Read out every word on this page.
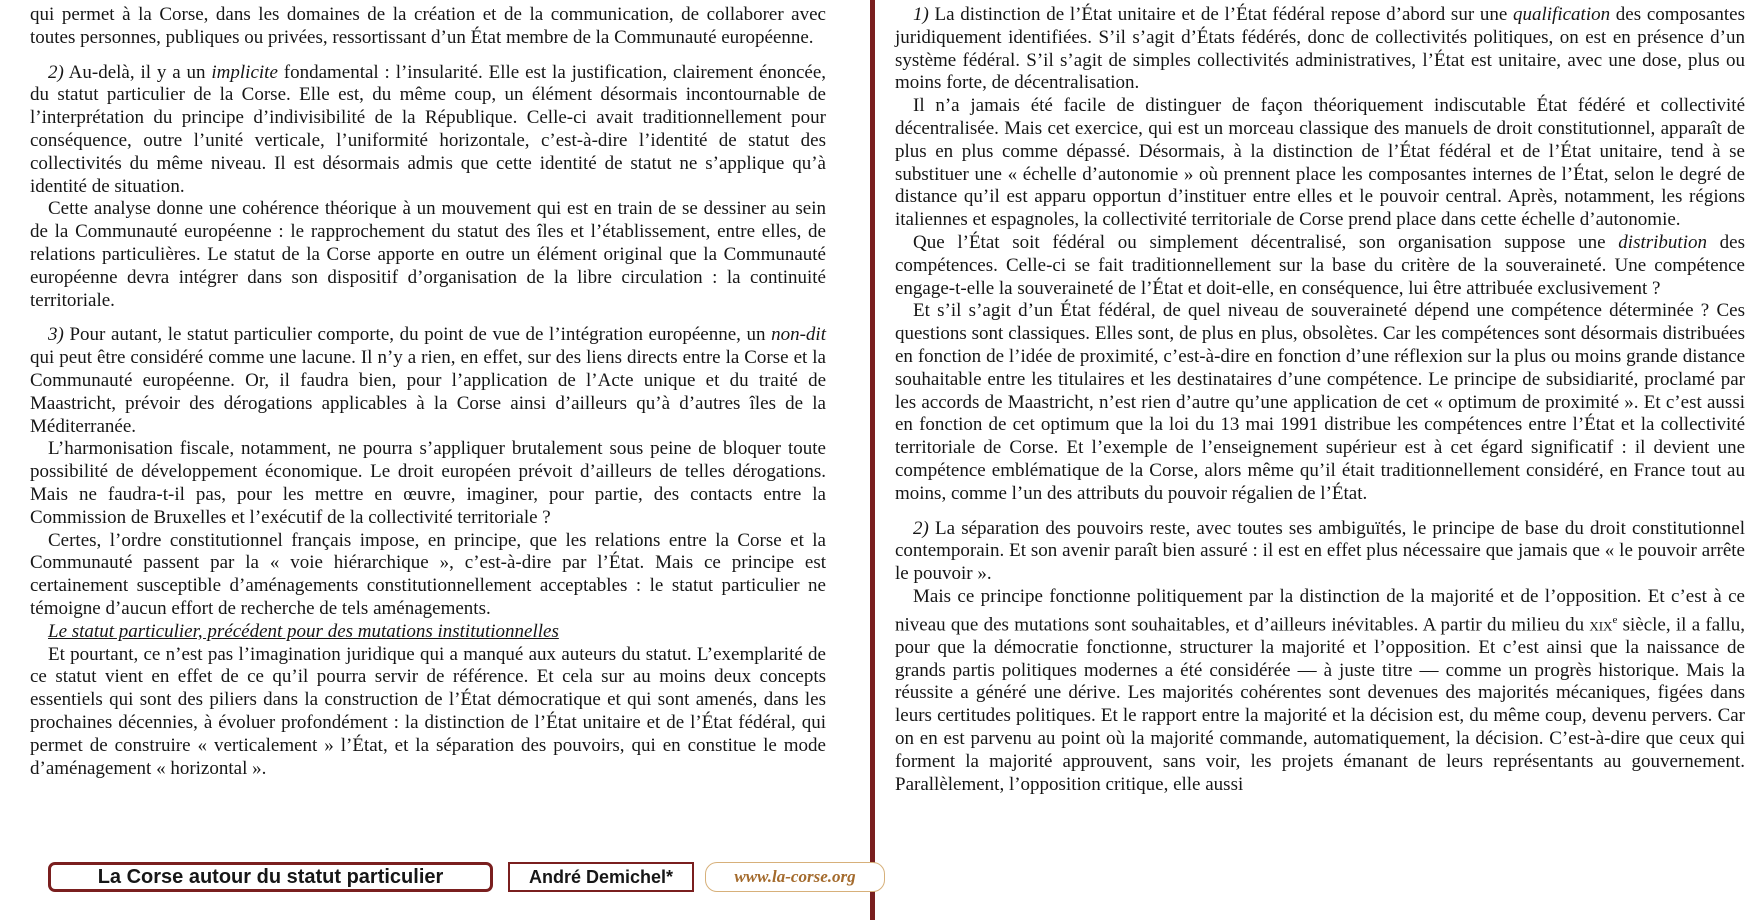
qui permet à la Corse, dans les domaines de la création et de la communication, de collaborer avec toutes personnes, publiques ou privées, ressortissant d’un État membre de la Communauté européenne.

2) Au-delà, il y a un implicite fondamental : l’insularité. Elle est la justification, clairement énoncée, du statut particulier de la Corse. Elle est, du même coup, un élément désormais incontournable de l’interprétation du principe d’indivisibilité de la République. Celle-ci avait traditionnellement pour conséquence, outre l’unité verticale, l’uniformité horizontale, c’est-à-dire l’identité de statut des collectivités du même niveau. Il est désormais admis que cette identité de statut ne s’applique qu’à identité de situation.

Cette analyse donne une cohérence théorique à un mouvement qui est en train de se dessiner au sein de la Communauté européenne : le rapprochement du statut des îles et l’établissement, entre elles, de relations particulières. Le statut de la Corse apporte en outre un élément original que la Communauté européenne devra intégrer dans son dispositif d’organisation de la libre circulation : la continuité territoriale.

3) Pour autant, le statut particulier comporte, du point de vue de l’intégration européenne, un non-dit qui peut être considéré comme une lacune. Il n’y a rien, en effet, sur des liens directs entre la Corse et la Communauté européenne. Or, il faudra bien, pour l’application de l’Acte unique et du traité de Maastricht, prévoir des dérogations applicables à la Corse ainsi d’ailleurs qu’à d’autres îles de la Méditerranée.

L’harmonisation fiscale, notamment, ne pourra s’appliquer brutalement sous peine de bloquer toute possibilité de développement économique. Le droit européen prévoit d’ailleurs de telles dérogations. Mais ne faudra-t-il pas, pour les mettre en œuvre, imaginer, pour partie, des contacts entre la Commission de Bruxelles et l’exécutif de la collectivité territoriale ?

Certes, l’ordre constitutionnel français impose, en principe, que les relations entre la Corse et la Communauté passent par la « voie hiérarchique », c’est-à-dire par l’État. Mais ce principe est certainement susceptible d’aménagements constitutionnellement acceptables : le statut particulier ne témoigne d’aucun effort de recherche de tels aménagements.

Le statut particulier, précédent pour des mutations institutionnelles

Et pourtant, ce n’est pas l’imagination juridique qui a manqué aux auteurs du statut. L’exemplarité de ce statut vient en effet de ce qu’il pourra servir de référence. Et cela sur au moins deux concepts essentiels qui sont des piliers dans la construction de l’État démocratique et qui sont amenés, dans les prochaines décennies, à évoluer profondément : la distinction de l’État unitaire et de l’État fédéral, qui permet de construire « verticalement » l’État, et la séparation des pouvoirs, qui en constitue le mode d’aménagement « horizontal ».

1) La distinction de l’État unitaire et de l’État fédéral repose d’abord sur une qualification des composantes juridiquement identifiées. S’il s’agit d’États fédérés, donc de collectivités politiques, on est en présence d’un système fédéral. S’il s’agit de simples collectivités administratives, l’État est unitaire, avec une dose, plus ou moins forte, de décentralisation.

Il n’a jamais été facile de distinguer de façon théoriquement indiscutable État fédéré et collectivité décentralisée. Mais cet exercice, qui est un morceau classique des manuels de droit constitutionnel, apparaît de plus en plus comme dépassé. Désormais, à la distinction de l’État fédéral et de l’État unitaire, tend à se substituer une « échelle d’autonomie » où prennent place les composantes internes de l’État, selon le degré de distance qu’il est apparu opportun d’instituer entre elles et le pouvoir central. Après, notamment, les régions italiennes et espagnoles, la collectivité territoriale de Corse prend place dans cette échelle d’autonomie.

Que l’État soit fédéral ou simplement décentralisé, son organisation suppose une distribution des compétences. Celle-ci se fait traditionnellement sur la base du critère de la souveraineté. Une compétence engage-t-elle la souveraineté de l’État et doit-elle, en conséquence, lui être attribuée exclusivement ?

Et s’il s’agit d’un État fédéral, de quel niveau de souveraineté dépend une compétence déterminée ? Ces questions sont classiques. Elles sont, de plus en plus, obsolètes. Car les compétences sont désormais distribuées en fonction de l’idée de proximité, c’est-à-dire en fonction d’une réflexion sur la plus ou moins grande distance souhaitable entre les titulaires et les destinataires d’une compétence. Le principe de subsidiarité, proclamé par les accords de Maastricht, n’est rien d’autre qu’une application de cet « optimum de proximité ». Et c’est aussi en fonction de cet optimum que la loi du 13 mai 1991 distribue les compétences entre l’État et la collectivité territoriale de Corse. Et l’exemple de l’enseignement supérieur est à cet égard significatif : il devient une compétence emblématique de la Corse, alors même qu’il était traditionnellement considéré, en France tout au moins, comme l’un des attributs du pouvoir régalien de l’État.

2) La séparation des pouvoirs reste, avec toutes ses ambiguïtés, le principe de base du droit constitutionnel contemporain. Et son avenir paraît bien assuré : il est en effet plus nécessaire que jamais que « le pouvoir arrête le pouvoir ».

Mais ce principe fonctionne politiquement par la distinction de la majorité et de l’opposition. Et c’est à ce niveau que des mutations sont souhaitables, et d’ailleurs inévitables. A partir du milieu du xix$^e$ siècle, il a fallu, pour que la démocratie fonctionne, structurer la majorité et l’opposition. Et c’est ainsi que la naissance de grands partis politiques modernes a été considérée — à juste titre — comme un progrès historique. Mais la réussite a généré une dérive. Les majorités cohérentes sont devenues des majorités mécaniques, figées dans leurs certitudes politiques. Et le rapport entre la majorité et la décision est, du même coup, devenu pervers. Car on en est parvenu au point où la majorité commande, automatiquement, la décision. C’est-à-dire que ceux qui forment la majorité approuvent, sans voir, les projets émanant de leurs représentants au gouvernement. Parallèlement, l’opposition critique, elle aussi

La Corse autour du statut particulier	André Demichel*	www.la-corse.org
